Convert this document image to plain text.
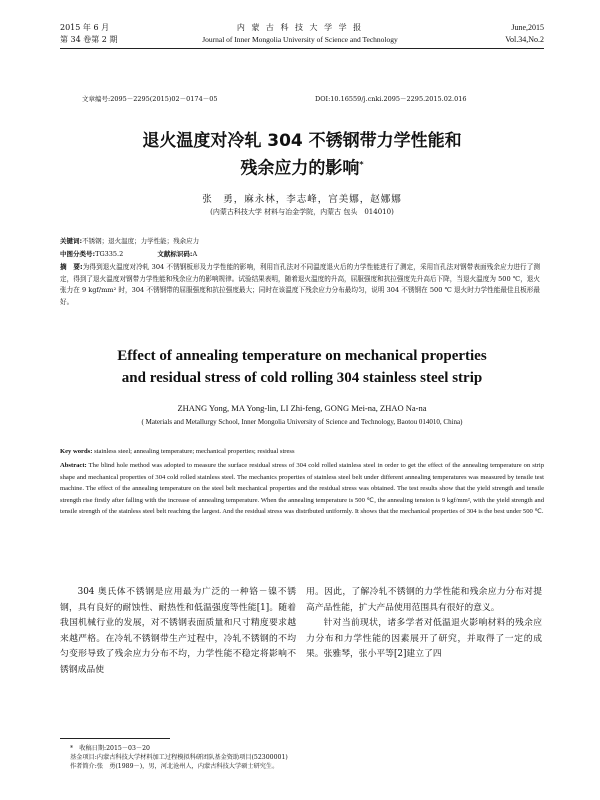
2015 年 6 月
第 34 卷第 2 期
内 蒙 古 科 技 大 学 学 报
Journal of Inner Mongolia University of Science and Technology
June,2015
Vol.34,No.2
文章编号:2095－2295(2015)02－0174－05	DOI:10.16559/j.cnki.2095－2295.2015.02.016
退火温度对冷轧 304 不锈钢带力学性能和
残余应力的影响*
张　勇，麻永林，李志峰，宫美娜，赵娜娜
(内蒙古科技大学 材料与冶金学院，内蒙古 包头　014010)
关键词:不锈钢；退火温度；力学性能；残余应力
中图分类号:TG335.2	文献标识码:A
摘　要:为得到退火温度对冷轧 304 不锈钢板形及力学性能的影响，利用盲孔法对不同温度退火后的力学性能进行了测定，采用盲孔法对钢带表面残余应力进行了测定，得到了退火温度对钢带力学性能和残余应力的影响规律。试验结果表明，随着退火温度的升高，屈服强度和抗拉强度先升高后下降，当退火温度为 500 ℃，退火张力在 9 kgf/mm² 时，304 不锈钢带的屈服强度和抗拉强度最大；同时在该温度下残余应力分布最均匀，说明 304 不锈钢在 500 ℃ 退火时力学性能最佳且板形最好。
Effect of annealing temperature on mechanical properties
and residual stress of cold rolling 304 stainless steel strip
ZHANG Yong, MA Yong-lin, LI Zhi-feng, GONG Mei-na, ZHAO Na-na
( Materials and Metallurgy School, Inner Mongolia University of Science and Technology, Baotou 014010, China)
Key words: stainless steel; annealing temperature; mechanical properties; residual stress
Abstract: The blind hole method was adopted to measure the surface residual stress of 304 cold rolled stainless steel in order to get the effect of the annealing temperature on strip shape and mechanical properties of 304 cold rolled stainless steel. The mechanics properties of stainless steel belt under different annealing temperatures was measured by tensile test machine. The effect of the annealing temperature on the steel belt mechanical properties and the residual stress was obtained. The test results show that the yield strength and tensile strength rise firstly after falling with the increase of annealing temperature. When the annealing temperature is 500 ℃, the annealing tension is 9 kgf/mm², with the yield strength and tensile strength of the stainless steel belt reaching the largest. And the residual stress was distributed uniformly. It shows that the mechanical properties of 304 is the best under 500 ℃.
304 奥氏体不锈钢是应用最为广泛的一种铬－镍不锈钢，具有良好的耐蚀性、耐热性和低温强度等性能[1]。随着我国机械行业的发展，对不锈钢表面质量和尺寸精度要求越来越严格。在冷轧不锈钢带生产过程中，冷轧不锈钢的不均匀变形导致了残余应力分布不均，力学性能不稳定将影响不锈钢成品使
用。因此，了解冷轧不锈钢的力学性能和残余应力分布对提高产品性能，扩大产品使用范围具有很好的意义。
针对当前现状，诸多学者对低温退火影响材料的残余应力分布和力学性能的因素展开了研究，并取得了一定的成果。张雅琴，张小平等[2]建立了四
*　 收稿日期:2015－03－20
基金项目:内蒙古科技大学材料加工过程模拟科研团队基金资助项目(52300001)
作者简介:张　勇(1989－)，男，河北沧州人，内蒙古科技大学硕士研究生。
